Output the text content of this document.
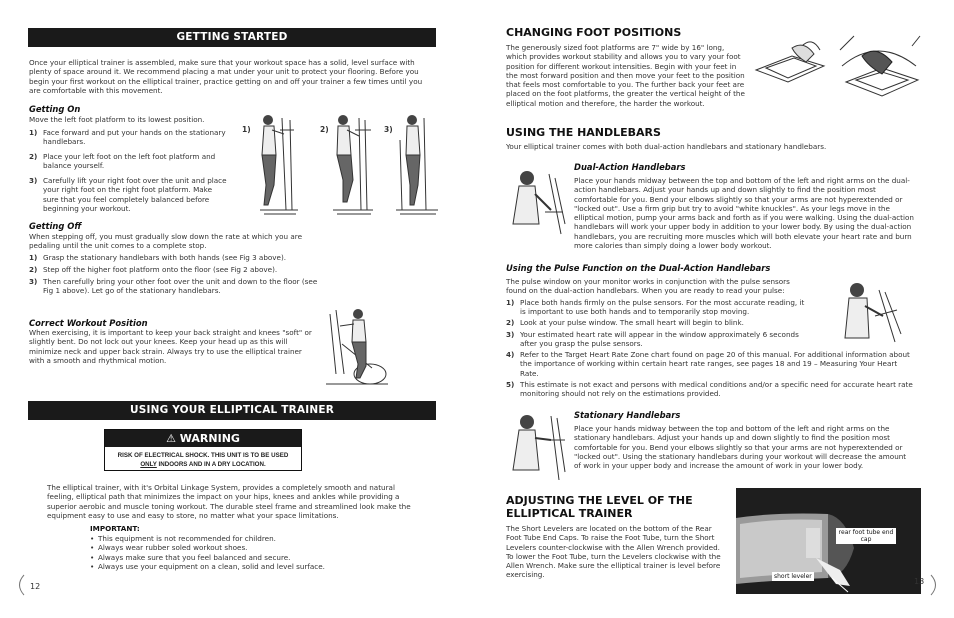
GETTING STARTED
Once your elliptical trainer is assembled, make sure that your workout space has a solid, level surface with plenty of space around it. We recommend placing a mat under your unit to protect your flooring. Before you begin your first workout on the elliptical trainer, practice getting on and off your trainer a few times until you are comfortable with this movement.
Getting On
Move the left foot platform to its lowest position.
1) Face forward and put your hands on the stationary handlebars.
2) Place your left foot on the left foot platform and balance yourself.
3) Carefully lift your right foot over the unit and place your right foot on the right foot platform. Make sure that you feel completely balanced before beginning your workout.
1)	2)	3)
Getting Off
When stepping off, you must gradually slow down the rate at which you are pedaling until the unit comes to a complete stop.
1) Grasp the stationary handlebars with both hands (see Fig 3 above).
2) Step off the higher foot platform onto the floor (see Fig 2 above).
3) Then carefully bring your other foot over the unit and down to the floor (see Fig 1 above). Let go of the stationary handlebars.
Correct Workout Position
When exercising, it is important to keep your back straight and knees "soft" or slightly bent. Do not lock out your knees. Keep your head up as this will minimize neck and upper back strain. Always try to use the elliptical trainer with a smooth and rhythmical motion.
USING YOUR ELLIPTICAL TRAINER
⚠ WARNING
RISK OF ELECTRICAL SHOCK. THIS UNIT IS TO BE USED
ONLY INDOORS AND IN A DRY LOCATION.
The elliptical trainer, with it's Orbital Linkage System, provides a completely smooth and natural feeling, elliptical path that minimizes the impact on your hips, knees and ankles while providing a superior aerobic and muscle toning workout. The durable steel frame and streamlined look make the equipment easy to use and easy to store, no matter what your space limitations.
IMPORTANT:
• This equipment is not recommended for children.
• Always wear rubber soled workout shoes.
• Always make sure that you feel balanced and secure.
• Always use your equipment on a clean, solid and level surface.
12
CHANGING FOOT POSITIONS
The generously sized foot platforms are 7" wide by 16" long, which provides workout stability and allows you to vary your foot position for different workout intensities. Begin with your feet in the most forward position and then move your feet to the position that feels most comfortable to you. The further back your feet are placed on the foot platforms, the greater the vertical height of the elliptical motion and therefore, the harder the workout.
USING THE HANDLEBARS
Your elliptical trainer comes with both dual-action handlebars and stationary handlebars.
Dual-Action Handlebars
Place your hands midway between the top and bottom of the left and right arms on the dual-action handlebars. Adjust your hands up and down slightly to find the position most comfortable for you. Bend your elbows slightly so that your arms are not hyperextended or "locked out". Use a firm grip but try to avoid "white knuckles". As your legs move in the elliptical motion, pump your arms back and forth as if you were walking. Using the dual-action handlebars will work your upper body in addition to your lower body. By using the dual-action handlebars, you are recruiting more muscles which will both elevate your heart rate and burn more calories than simply doing a lower body workout.
Using the Pulse Function on the Dual-Action Handlebars
The pulse window on your monitor works in conjunction with the pulse sensors found on the dual-action handlebars. When you are ready to read your pulse:
1) Place both hands firmly on the pulse sensors. For the most accurate reading, it is important to use both hands and to temporarily stop moving.
2) Look at your pulse window. The small heart will begin to blink.
3) Your estimated heart rate will appear in the window approximately 6 seconds after you grasp the pulse sensors.
4) Refer to the Target Heart Rate Zone chart found on page 20 of this manual. For additional information about the importance of working within certain heart rate ranges, see pages 18 and 19 – Measuring Your Heart Rate.
5) This estimate is not exact and persons with medical conditions and/or a specific need for accurate heart rate monitoring should not rely on the estimations provided.
Stationary Handlebars
Place your hands midway between the top and bottom of the left and right arms on the stationary handlebars. Adjust your hands up and down slightly to find the position most comfortable for you. Bend your elbows slightly so that your arms are not hyperextended or "locked out". Using the stationary handlebars during your workout will decrease the amount of work in your upper body and increase the amount of work in your lower body.
ADJUSTING THE LEVEL OF THE
ELLIPTICAL TRAINER
The Short Levelers are located on the bottom of the Rear Foot Tube End Caps. To raise the Foot Tube, turn the Short Levelers counter-clockwise with the Allen Wrench provided. To lower the Foot Tube, turn the Levelers clockwise with the Allen Wrench. Make sure the elliptical trainer is level before exercising.
rear foot tube end cap
short leveler
13
